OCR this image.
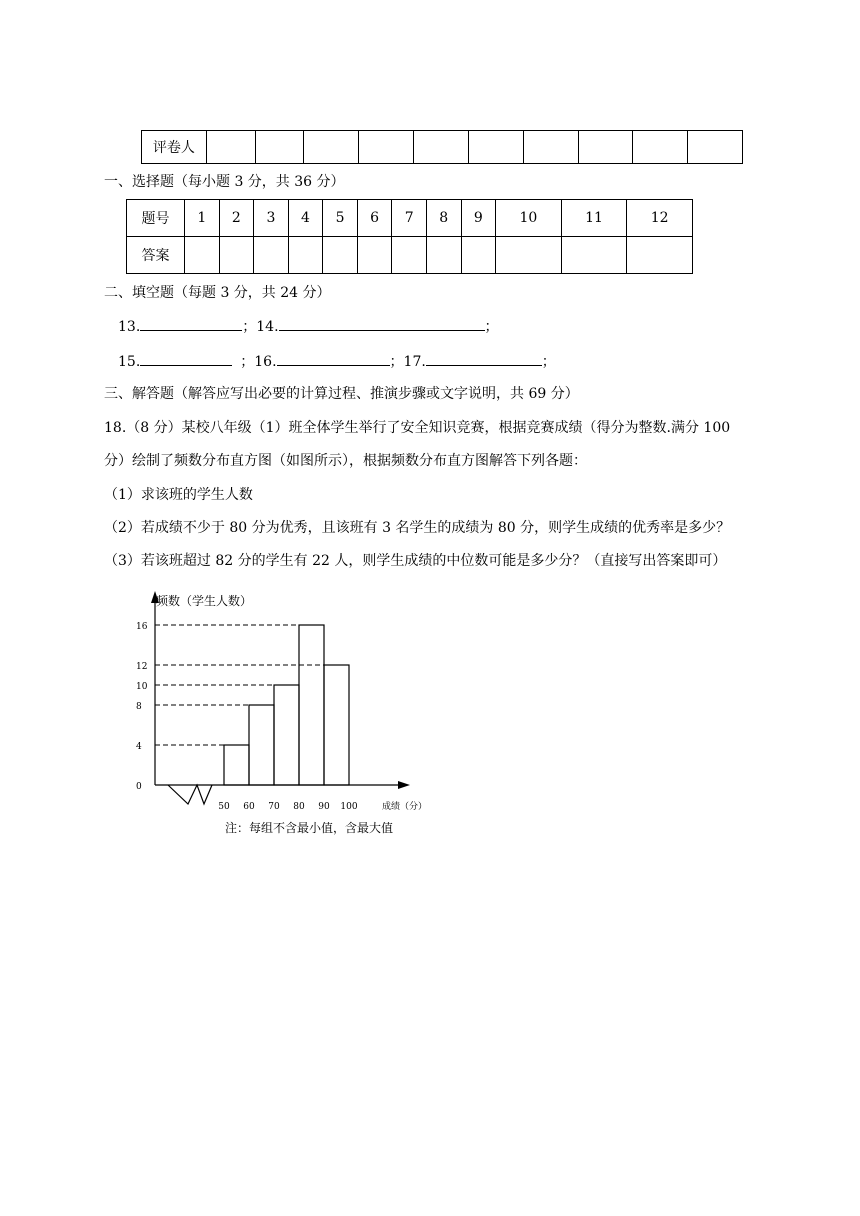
评卷人										
一、选择题（每小题 3 分，共 36 分）
题号	1	2	3	4	5	6	7	8	9	10	11	12
答案												
二、填空题（每题 3 分，共 24 分）
13.	；14.	；
15.	；16.	；17.	；
三、解答题（解答应写出必要的计算过程、推演步骤或文字说明，共 69 分）
18.（8 分）某校八年级（1）班全体学生举行了安全知识竞赛，根据竞赛成绩（得分为整数.满分 100
分）绘制了频数分布直方图（如图所示），根据频数分布直方图解答下列各题：
（1）求该班的学生人数
（2）若成绩不少于 80 分为优秀，且该班有 3 名学生的成绩为 80 分，则学生成绩的优秀率是多少？
（3）若该班超过 82 分的学生有 22 人，则学生成绩的中位数可能是多少分？（直接写出答案即可）
频数（学生人数）
成绩（分）
0
4
8
10
12
16
50 60 70 80 90 100
注：每组不含最小值，含最大值
